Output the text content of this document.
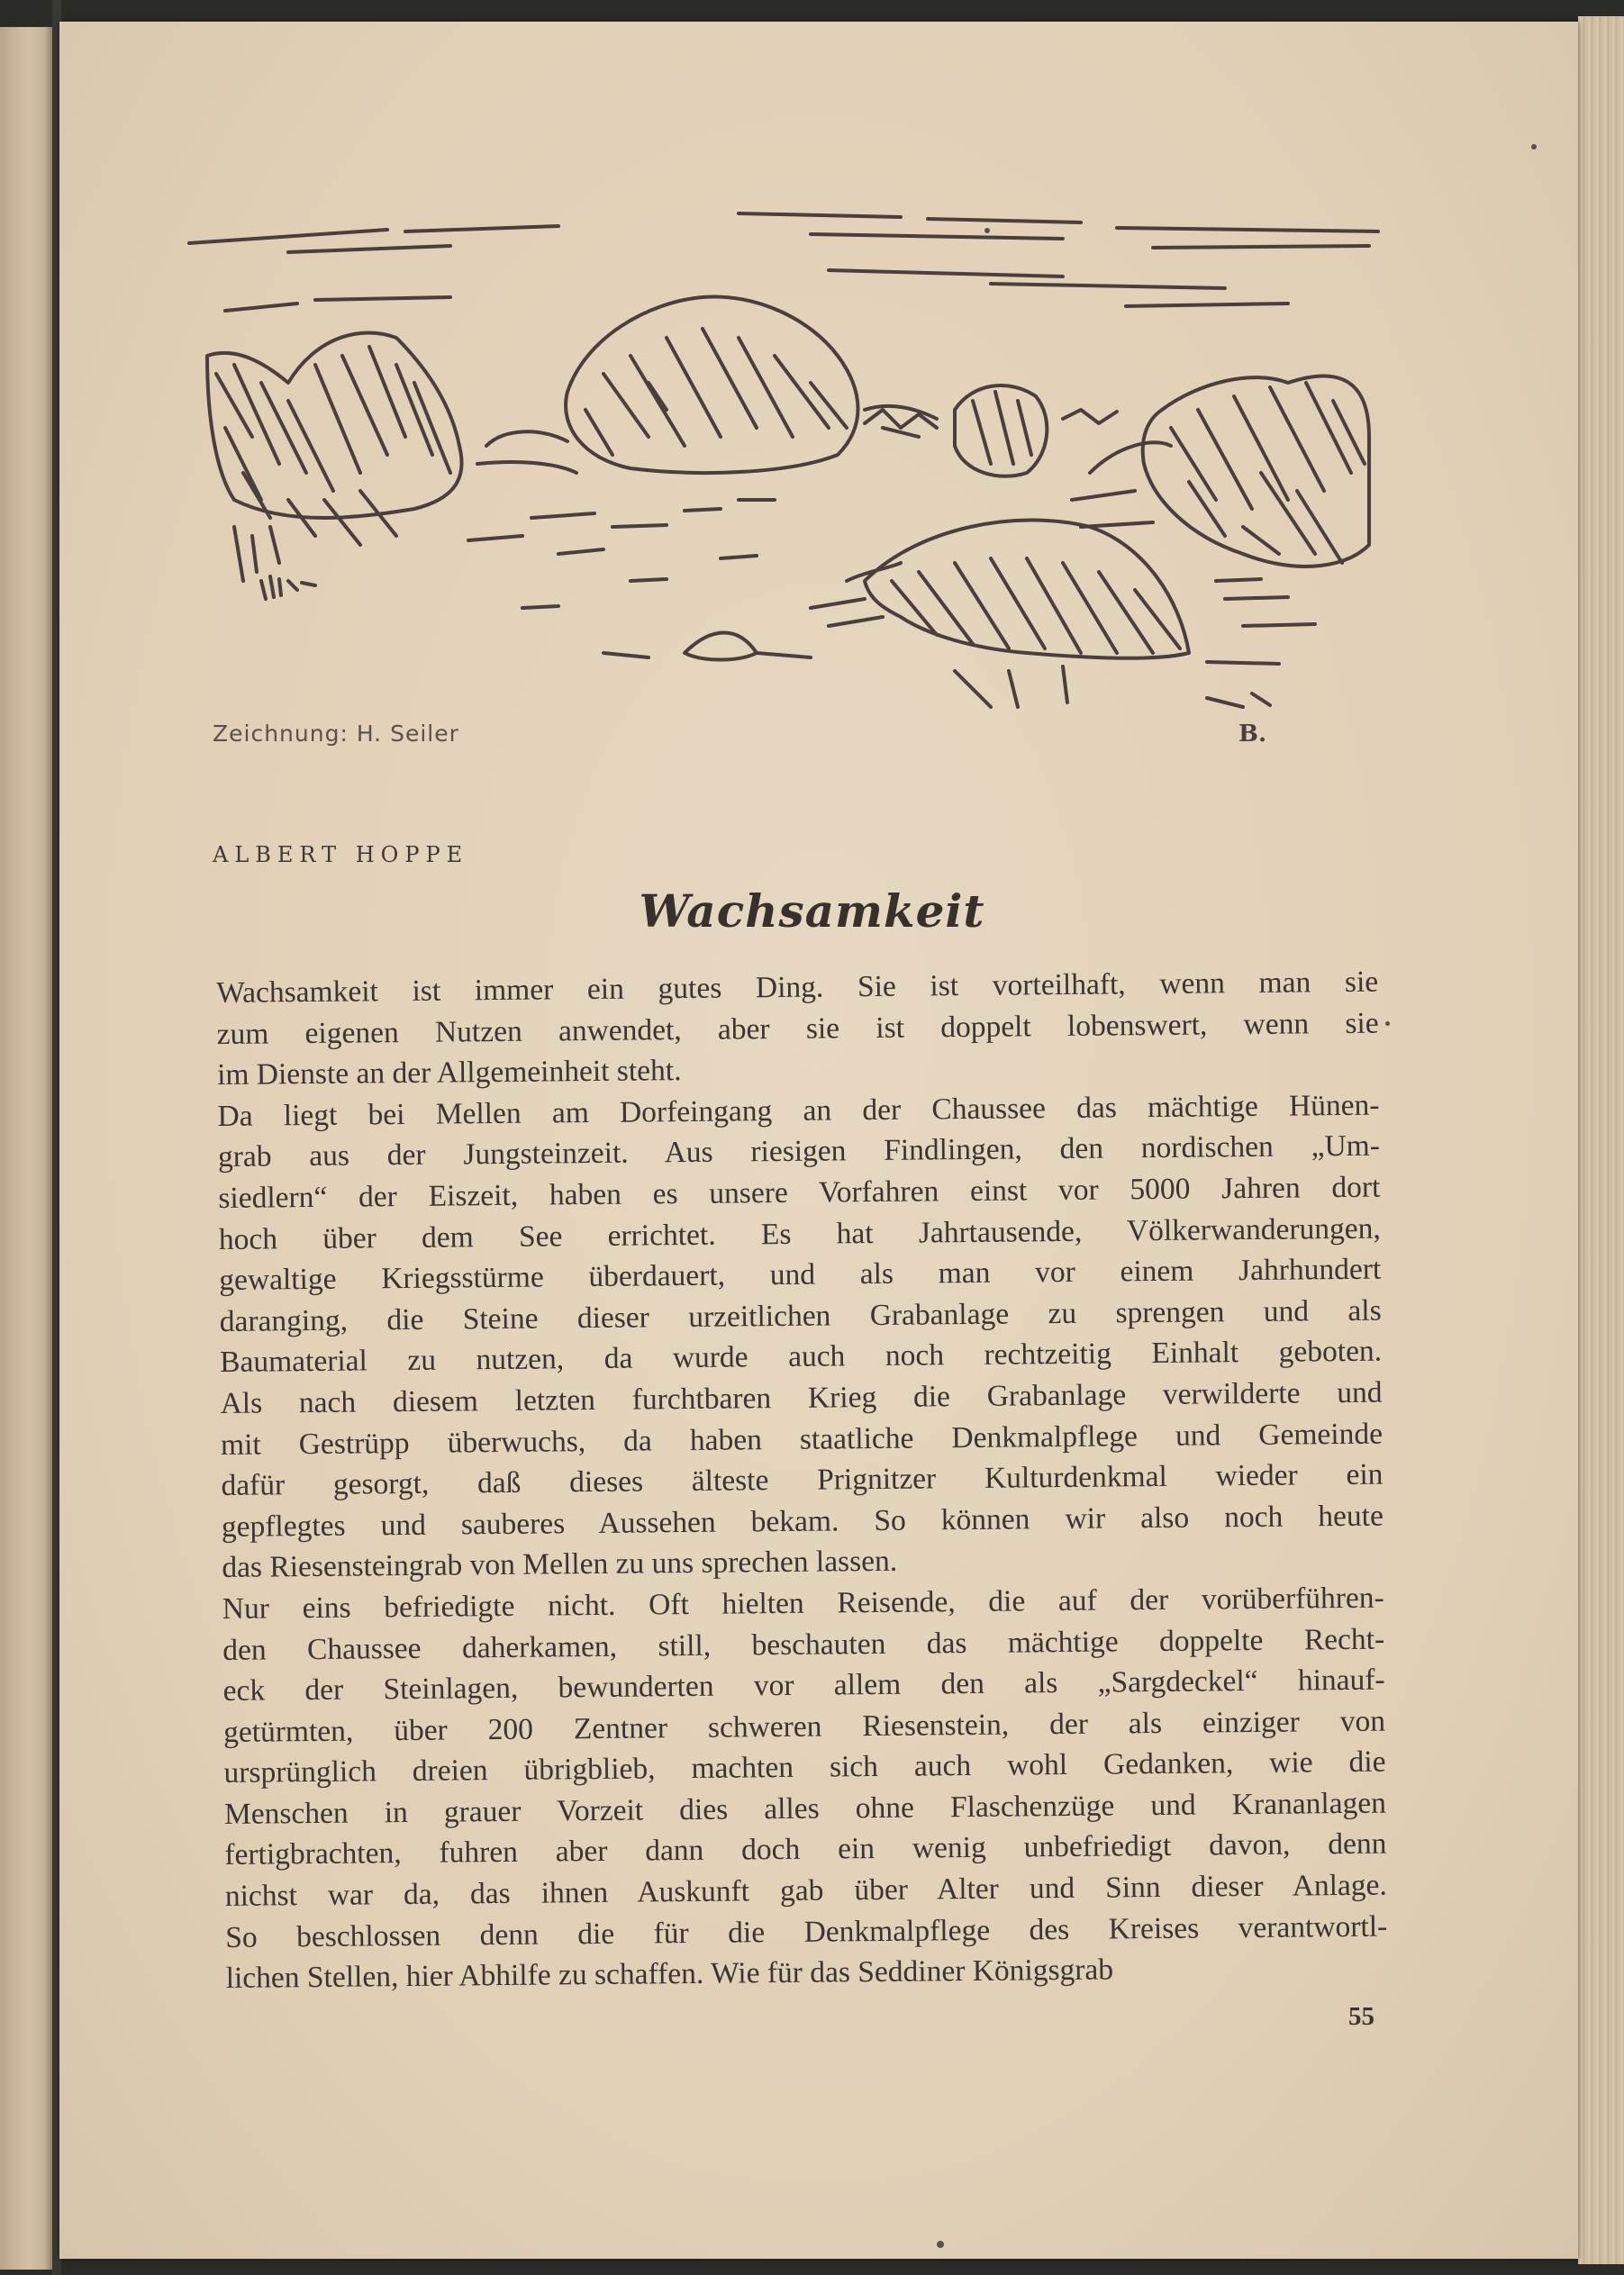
B.
Zeichnung: H. Seiler
ALBERT HOPPE
Wachsamkeit
Wachsamkeit ist immer ein gutes Ding. Sie ist vorteilhaft, wenn man sie
zum eigenen Nutzen anwendet, aber sie ist doppelt lobenswert, wenn sie
im Dienste an der Allgemeinheit steht.
Da liegt bei Mellen am Dorfeingang an der Chaussee das mächtige Hünen-
grab aus der Jungsteinzeit. Aus riesigen Findlingen, den nordischen „Um-
siedlern“ der Eiszeit, haben es unsere Vorfahren einst vor 5000 Jahren dort
hoch über dem See errichtet. Es hat Jahrtausende, Völkerwanderungen,
gewaltige Kriegsstürme überdauert, und als man vor einem Jahrhundert
daranging, die Steine dieser urzeitlichen Grabanlage zu sprengen und als
Baumaterial zu nutzen, da wurde auch noch rechtzeitig Einhalt geboten.
Als nach diesem letzten furchtbaren Krieg die Grabanlage verwilderte und
mit Gestrüpp überwuchs, da haben staatliche Denkmalpflege und Gemeinde
dafür gesorgt, daß dieses älteste Prignitzer Kulturdenkmal wieder ein
gepflegtes und sauberes Aussehen bekam. So können wir also noch heute
das Riesensteingrab von Mellen zu uns sprechen lassen.
Nur eins befriedigte nicht. Oft hielten Reisende, die auf der vorüberführen-
den Chaussee daherkamen, still, beschauten das mächtige doppelte Recht-
eck der Steinlagen, bewunderten vor allem den als „Sargdeckel“ hinauf-
getürmten, über 200 Zentner schweren Riesenstein, der als einziger von
ursprünglich dreien übrigblieb, machten sich auch wohl Gedanken, wie die
Menschen in grauer Vorzeit dies alles ohne Flaschenzüge und Krananlagen
fertigbrachten, fuhren aber dann doch ein wenig unbefriedigt davon, denn
nichst war da, das ihnen Auskunft gab über Alter und Sinn dieser Anlage.
So beschlossen denn die für die Denkmalpflege des Kreises verantwortl-
lichen Stellen, hier Abhilfe zu schaffen. Wie für das Seddiner Königsgrab
55
